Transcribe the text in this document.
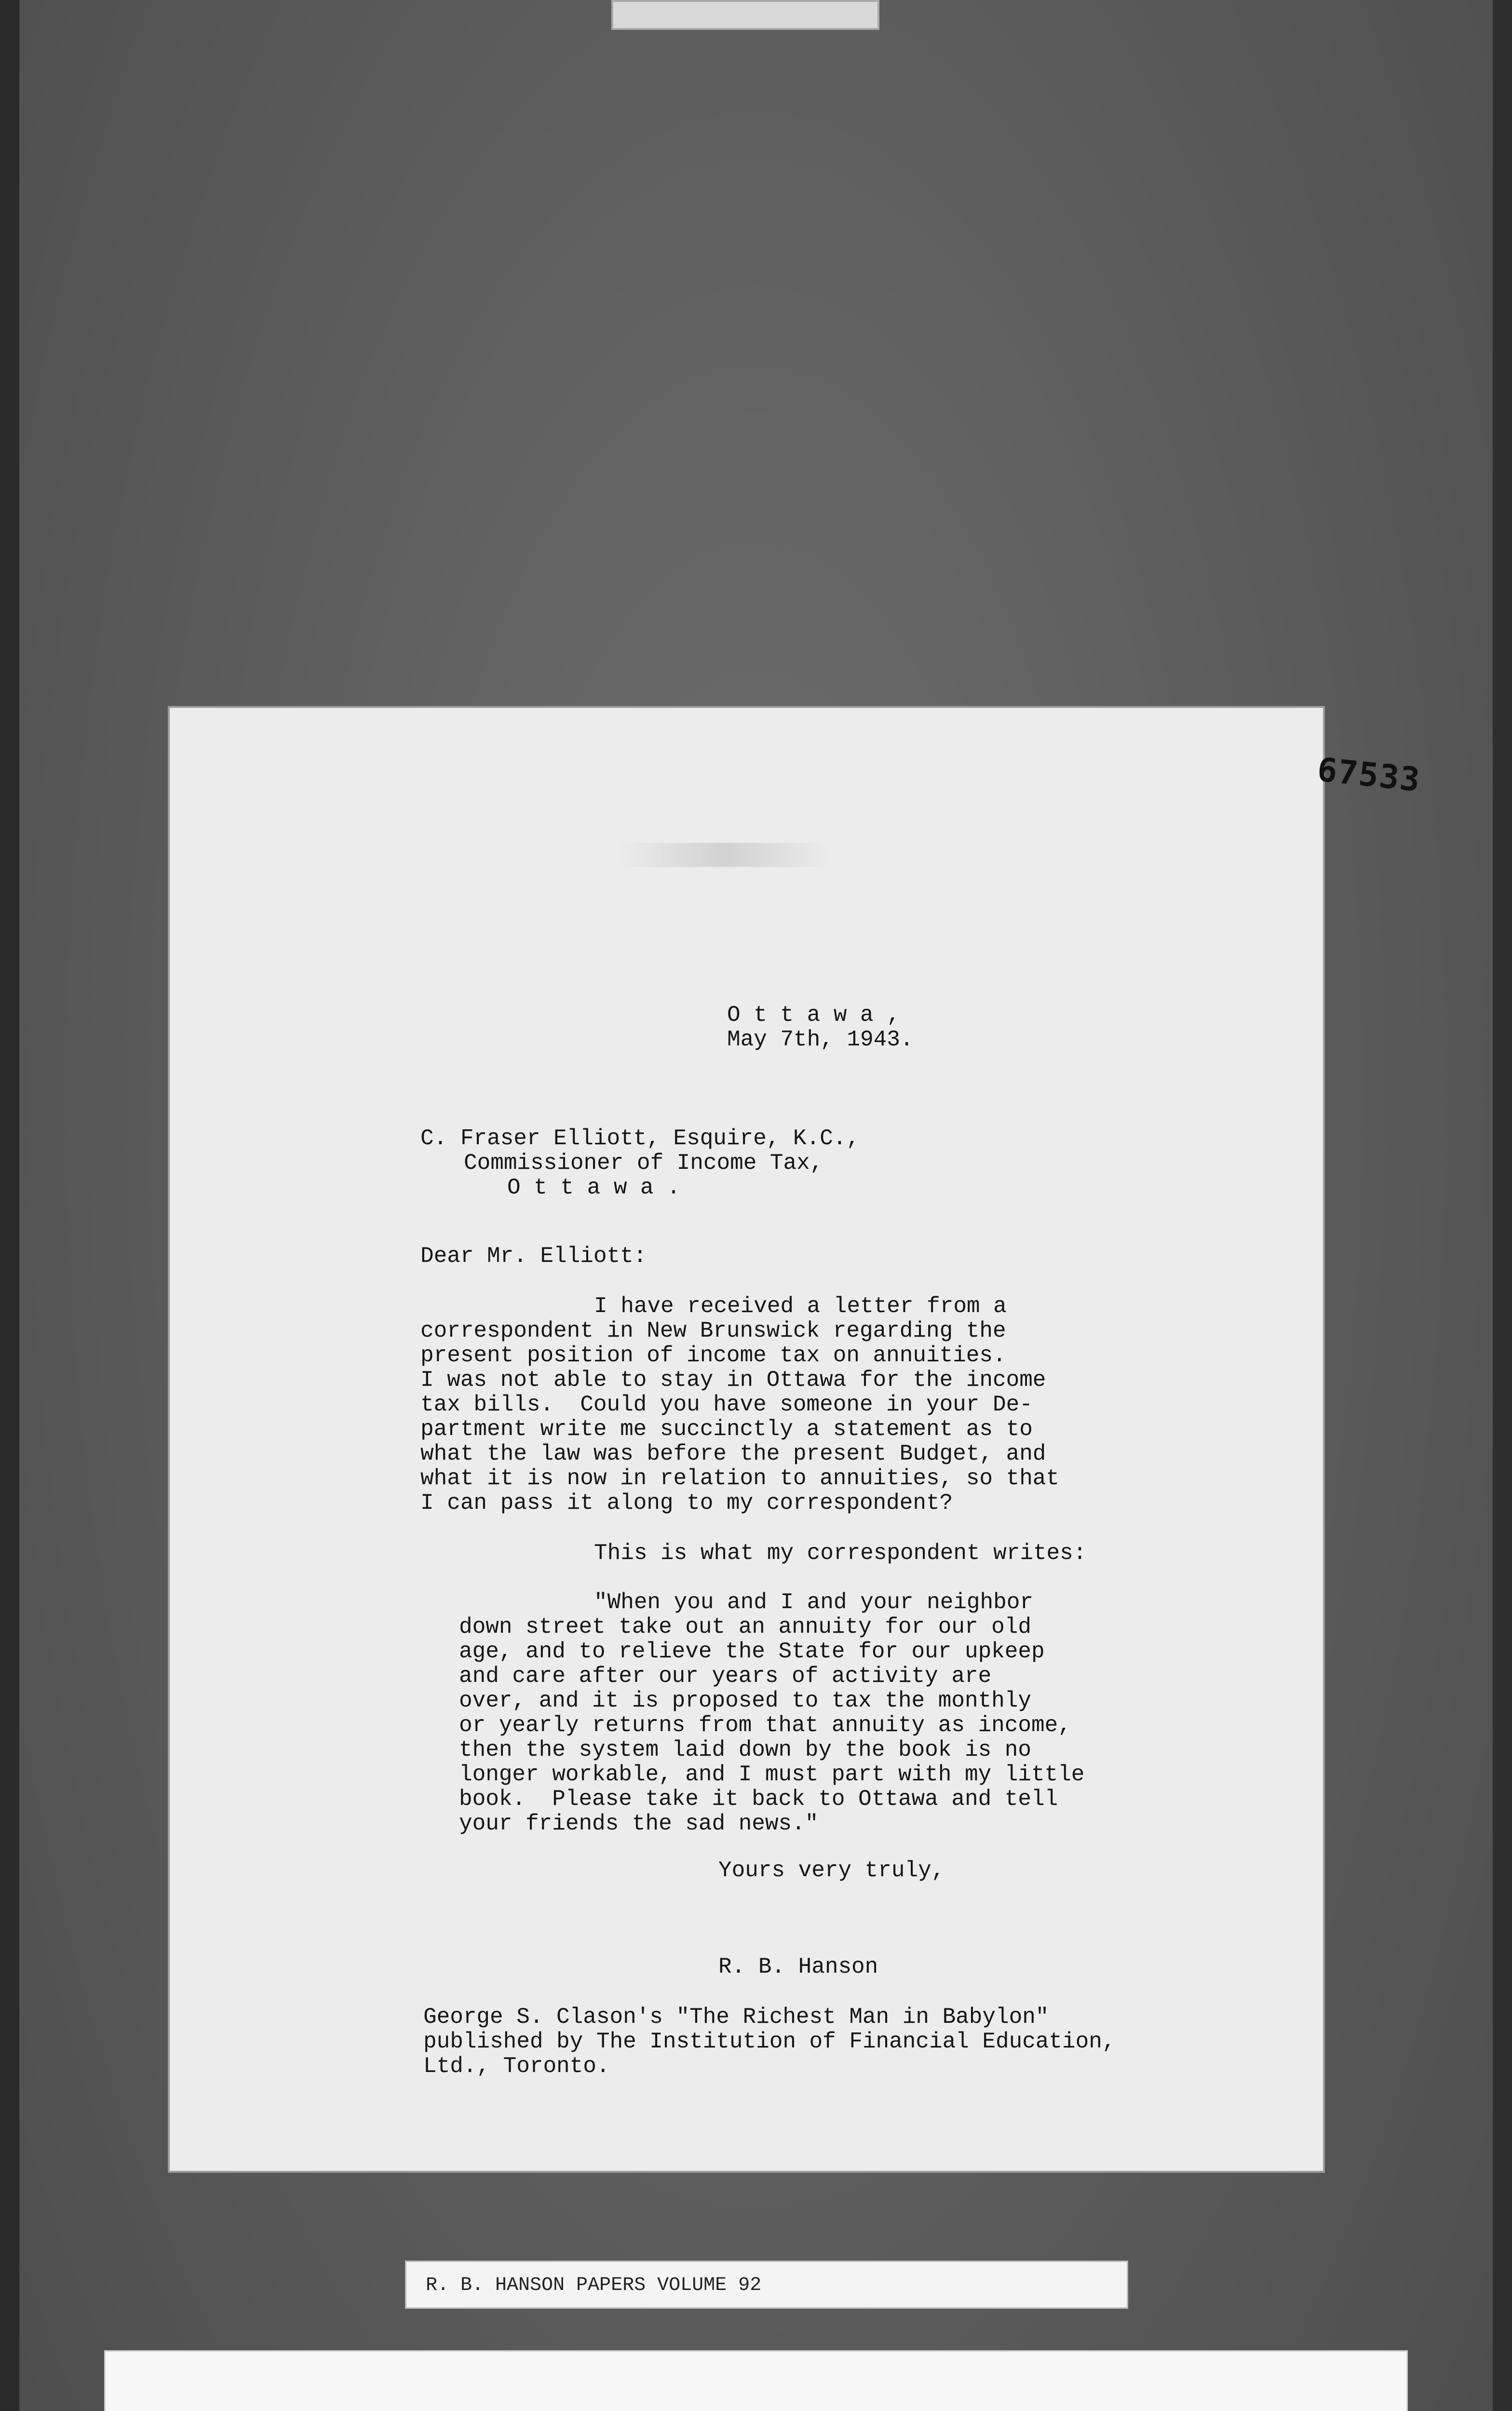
67533

O t t a w a ,

May 7th, 1943.

C. Fraser Elliott, Esquire, K.C.,

Commissioner of Income Tax,

O t t a w a .

Dear Mr. Elliott:

I have received a letter from a

correspondent in New Brunswick regarding the

present position of income tax on annuities.

I was not able to stay in Ottawa for the income

tax bills.  Could you have someone in your De-

partment write me succinctly a statement as to

what the law was before the present Budget, and

what it is now in relation to annuities, so that

I can pass it along to my correspondent?

This is what my correspondent writes:

"When you and I and your neighbor

down street take out an annuity for our old

age, and to relieve the State for our upkeep

and care after our years of activity are

over, and it is proposed to tax the monthly

or yearly returns from that annuity as income,

then the system laid down by the book is no

longer workable, and I must part with my little

book.  Please take it back to Ottawa and tell

your friends the sad news."

Yours very truly,

R. B. Hanson

George S. Clason's "The Richest Man in Babylon"

published by The Institution of Financial Education,

Ltd., Toronto.

R. B. HANSON PAPERS VOLUME 92
